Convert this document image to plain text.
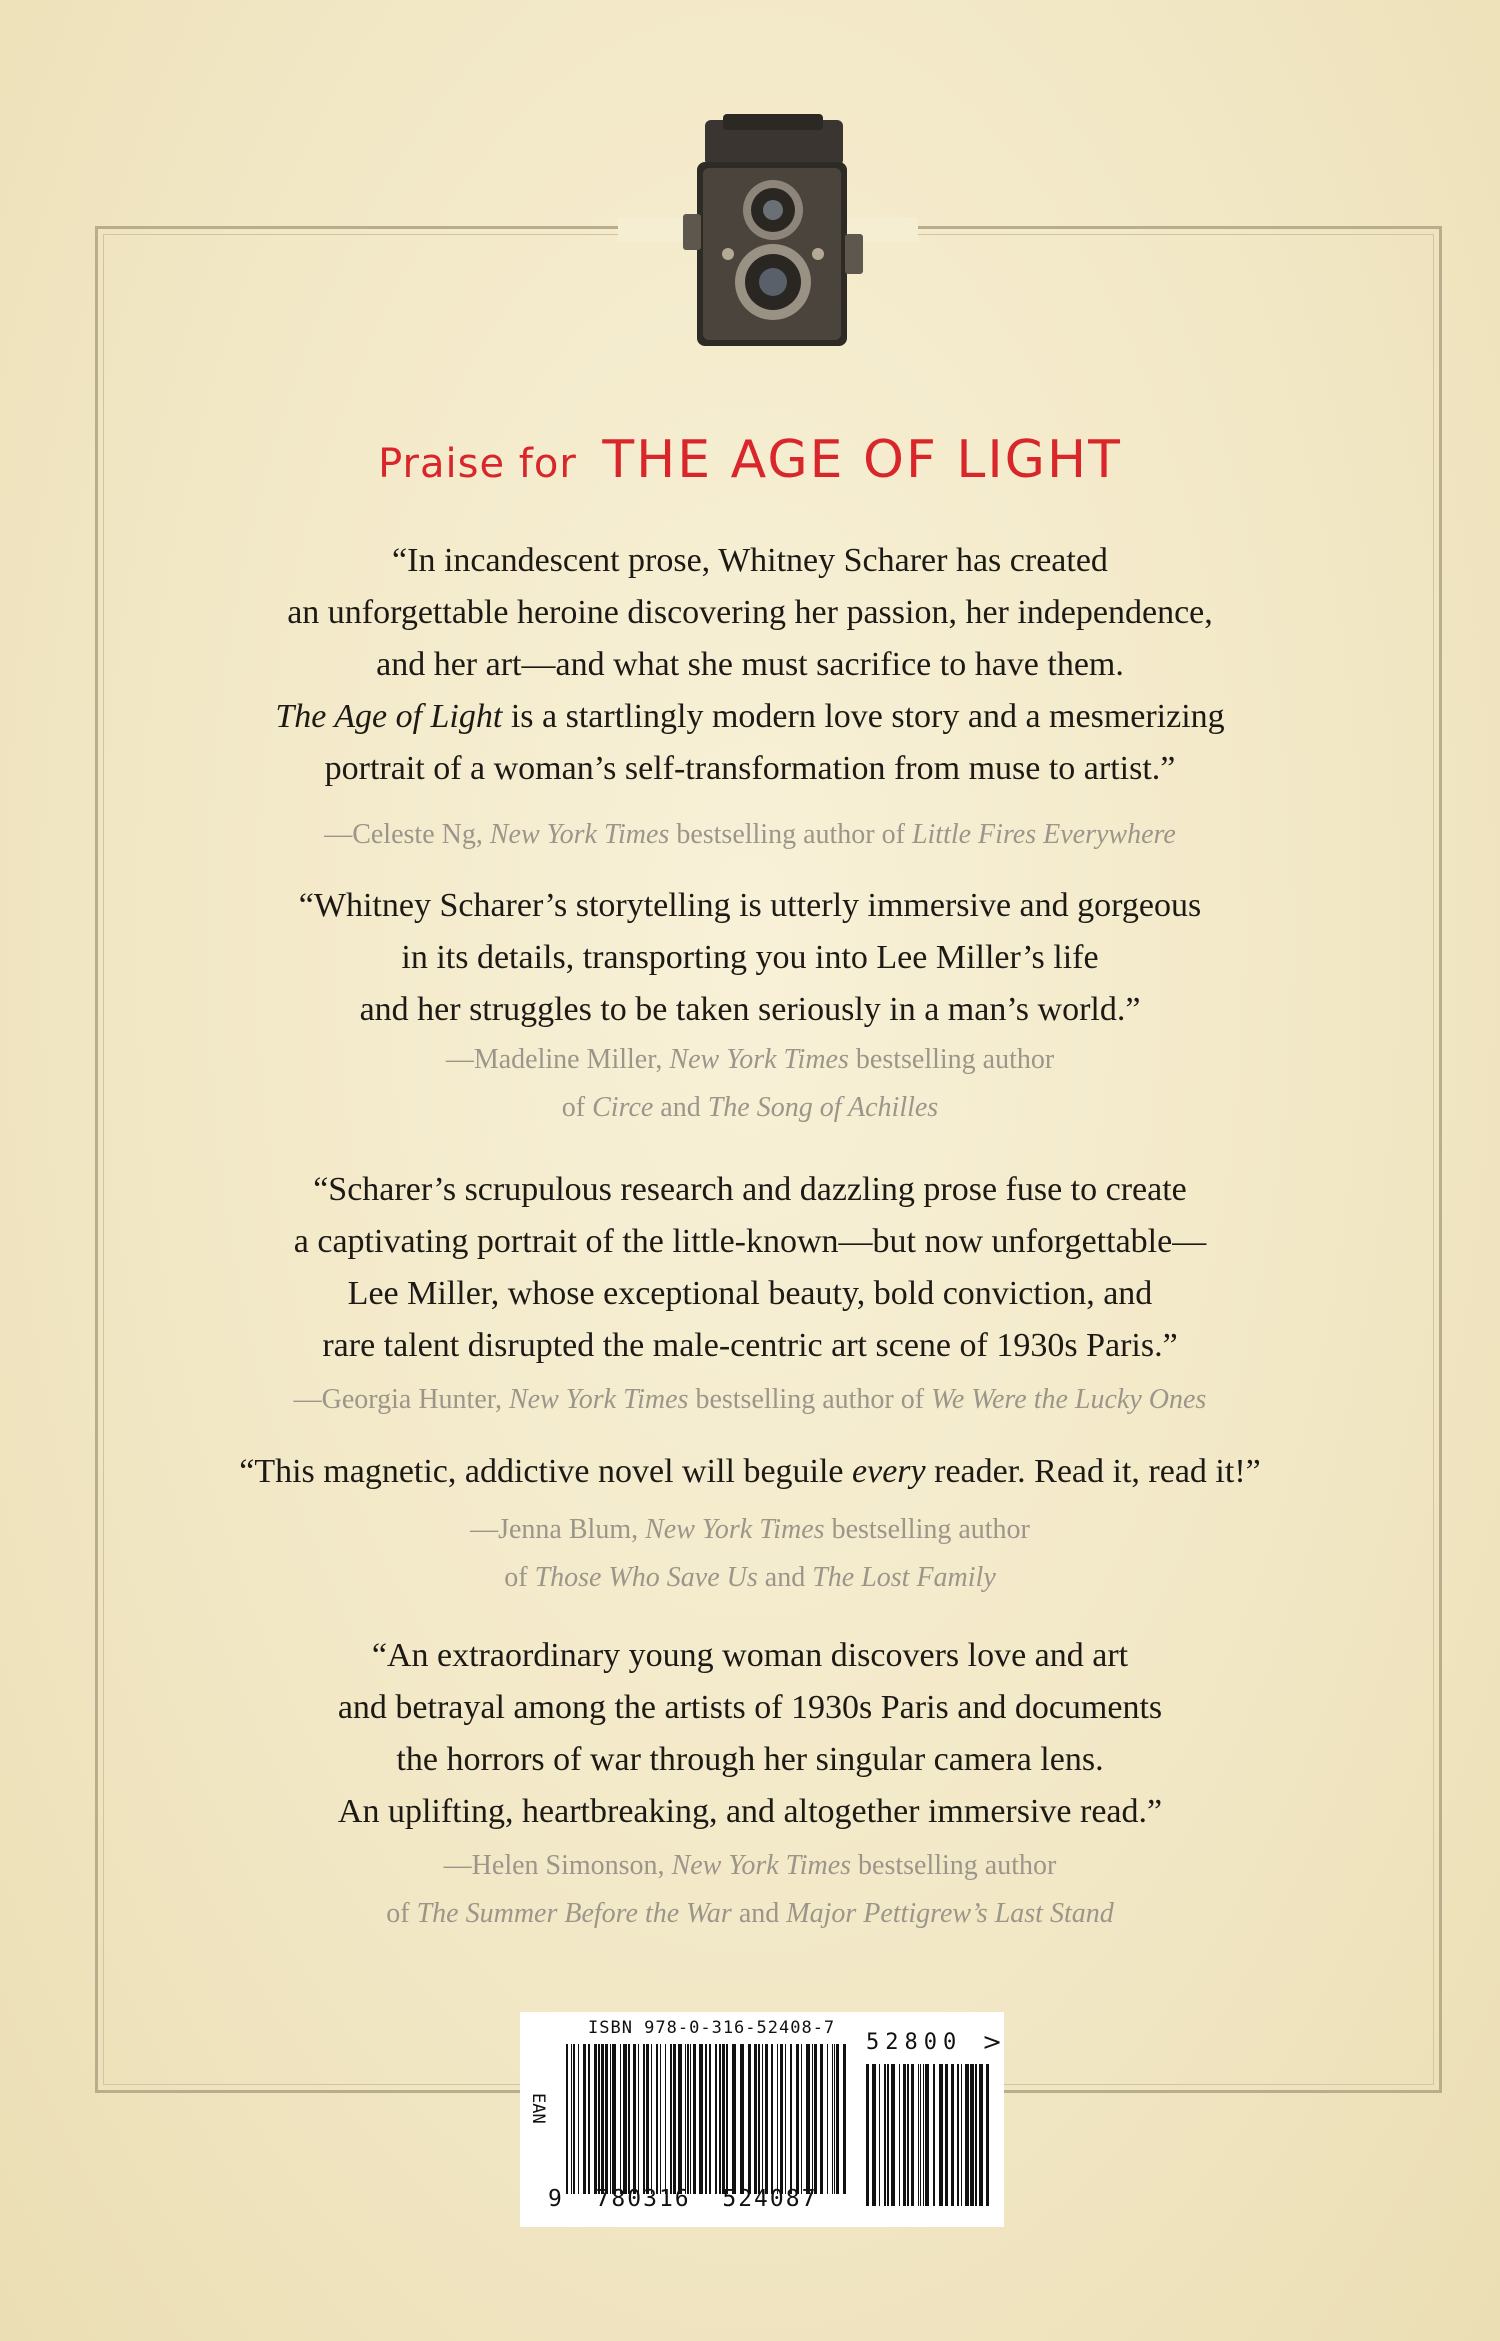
Praise for THE AGE OF LIGHT

“In incandescent prose, Whitney Scharer has created

an unforgettable heroine discovering her passion, her independence,

and her art—and what she must sacrifice to have them.

The Age of Light is a startlingly modern love story and a mesmerizing

portrait of a woman’s self-transformation from muse to artist.”

—Celeste Ng, New York Times bestselling author of Little Fires Everywhere

“Whitney Scharer’s storytelling is utterly immersive and gorgeous

in its details, transporting you into Lee Miller’s life

and her struggles to be taken seriously in a man’s world.”

—Madeline Miller, New York Times bestselling author

of Circe and The Song of Achilles

“Scharer’s scrupulous research and dazzling prose fuse to create

a captivating portrait of the little-known—but now unforgettable—

Lee Miller, whose exceptional beauty, bold conviction, and

rare talent disrupted the male-centric art scene of 1930s Paris.”

—Georgia Hunter, New York Times bestselling author of We Were the Lucky Ones

“This magnetic, addictive novel will beguile every reader. Read it, read it!”

—Jenna Blum, New York Times bestselling author

of Those Who Save Us and The Lost Family

“An extraordinary young woman discovers love and art

and betrayal among the artists of 1930s Paris and documents

the horrors of war through her singular camera lens.

An uplifting, heartbreaking, and altogether immersive read.”

—Helen Simonson, New York Times bestselling author

of The Summer Before the War and Major Pettigrew’s Last Stand

ISBN 978-0-316-52408-7
EAN
52800 >
9 780316 524087
